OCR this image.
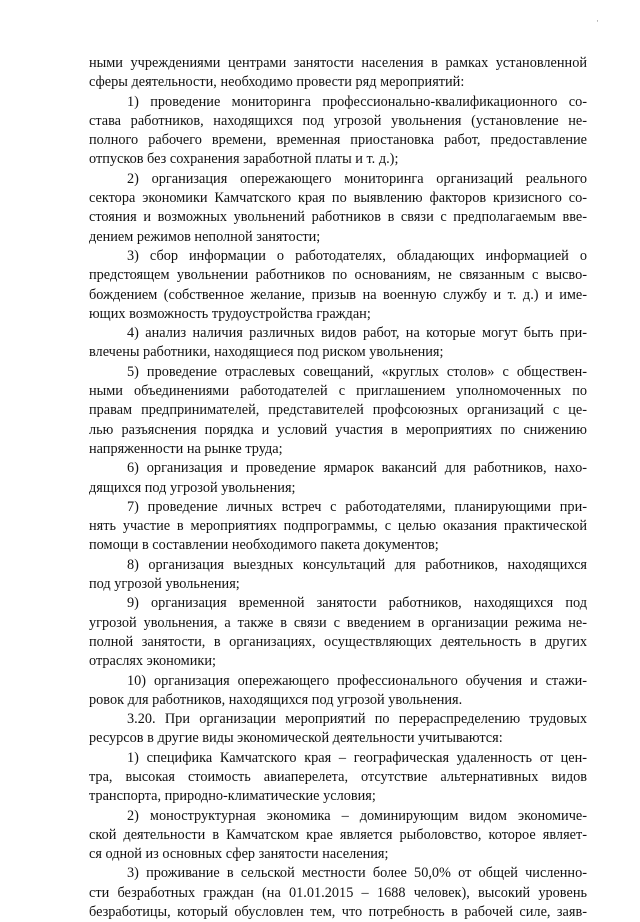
·
ными учреждениями центрами занятости населения в рамках установленной
сферы деятельности, необходимо провести ряд мероприятий:
1) проведение мониторинга профессионально-квалификационного со-
става работников, находящихся под угрозой увольнения (установление не-
полного рабочего времени, временная приостановка работ, предоставление
отпусков без сохранения заработной платы и т. д.);
2) организация опережающего мониторинга организаций реального
сектора экономики Камчатского края по выявлению факторов кризисного со-
стояния и возможных увольнений работников в связи с предполагаемым вве-
дением режимов неполной занятости;
3) сбор информации о работодателях, обладающих информацией о
предстоящем увольнении работников по основаниям, не связанным с высво-
бождением (собственное желание, призыв на военную службу и т. д.) и име-
ющих возможность трудоустройства граждан;
4) анализ наличия различных видов работ, на которые могут быть при-
влечены работники, находящиеся под риском увольнения;
5) проведение отраслевых совещаний, «круглых столов» с обществен-
ными объединениями работодателей с приглашением уполномоченных по
правам предпринимателей, представителей профсоюзных организаций с це-
лью разъяснения порядка и условий участия в мероприятиях по снижению
напряженности на рынке труда;
6) организация и проведение ярмарок вакансий для работников, нахо-
дящихся под угрозой увольнения;
7) проведение личных встреч с работодателями, планирующими при-
нять участие в мероприятиях подпрограммы, с целью оказания практической
помощи в составлении необходимого пакета документов;
8) организация выездных консультаций для работников, находящихся
под угрозой увольнения;
9) организация временной занятости работников, находящихся под
угрозой увольнения, а также в связи с введением в организации режима не-
полной занятости, в организациях, осуществляющих деятельность в других
отраслях экономики;
10) организация опережающего профессионального обучения и стажи-
ровок для работников, находящихся под угрозой увольнения.
3.20. При организации мероприятий по перераспределению трудовых
ресурсов в другие виды экономической деятельности учитываются:
1) специфика Камчатского края – географическая удаленность от цен-
тра, высокая стоимость авиаперелета, отсутствие альтернативных видов
транспорта, природно-климатические условия;
2) моноструктурная экономика – доминирующим видом экономиче-
ской деятельности в Камчатском крае является рыболовство, которое являет-
ся одной из основных сфер занятости населения;
3) проживание в сельской местности более 50,0% от общей численно-
сти безработных граждан (на 01.01.2015 – 1688 человек), высокий уровень
безработицы, который обусловлен тем, что потребность в рабочей силе, заяв-
